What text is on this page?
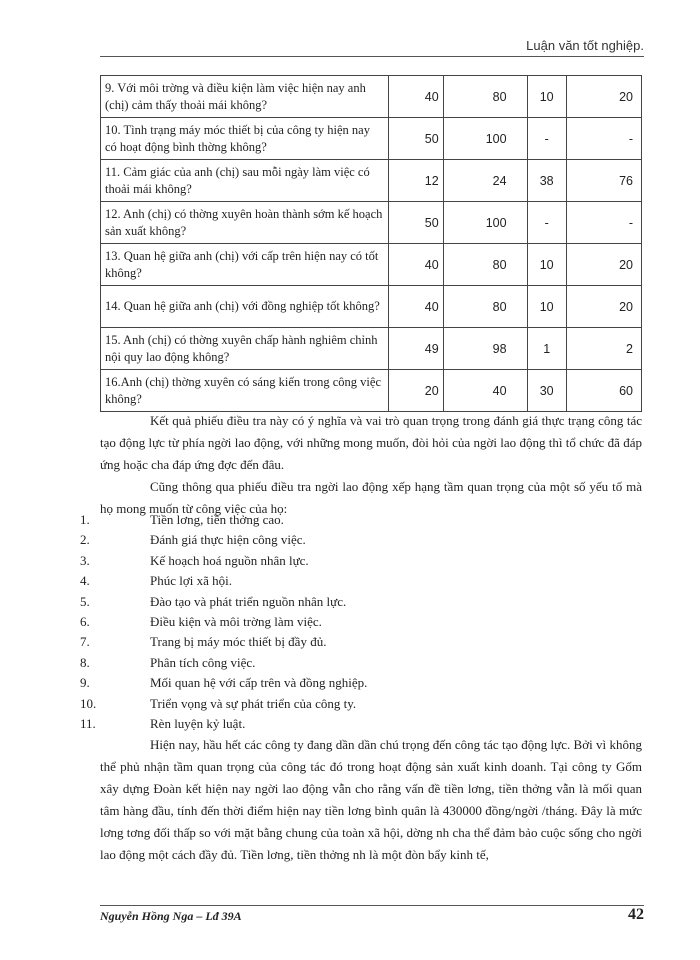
Luận văn tốt nghiệp.
9. Với môi trờng và điều kiện làm việc hiện nay anh (chị) cảm thấy thoải mái không?	40	80	10	20
10. Tình trạng máy móc thiết bị của công ty hiện nay có hoạt động bình thờng không?	50	100	-	-
11. Cảm giác của anh (chị) sau mỗi ngày làm việc có thoải mái không?	12	24	38	76
12. Anh (chị) có thờng xuyên hoàn thành sớm kế hoạch sản xuất không?	50	100	-	-
13. Quan hệ giữa anh (chị) với cấp trên hiện nay có tốt không?	40	80	10	20
14. Quan hệ giữa anh (chị) với đồng nghiệp tốt không?	40	80	10	20
15. Anh (chị) có thờng xuyên chấp hành nghiêm chỉnh nội quy lao động không?	49	98	1	2
16.Anh (chị) thờng xuyên có sáng kiến trong công việc không?	20	40	30	60

Kết quả phiếu điều tra này có ý nghĩa và vai trò quan trọng trong đánh giá thực trạng công tác tạo động lực từ phía ngời lao động, với những mong muốn, đòi hỏi của ngời lao động thì tổ chức đã đáp ứng hoặc cha đáp ứng đợc đến đâu.

Cũng thông qua phiếu điều tra ngời lao động xếp hạng tầm quan trọng của một số yếu tố mà họ mong muốn từ công việc của họ:

1.	Tiền lơng, tiền thởng cao.
2.	Đánh giá thực hiện công việc.
3.	Kế hoạch hoá nguồn nhân lực.
4.	Phúc lợi xã hội.
5.	Đào tạo và phát triển nguồn nhân lực.
6.	Điều kiện và môi trờng làm việc.
7.	Trang bị máy móc thiết bị đầy đủ.
8.	Phân tích công việc.
9.	Mối quan hệ với cấp trên và đồng nghiệp.
10.	Triển vọng và sự phát triển của công ty.
11.	Rèn luyện kỷ luật.

Hiện nay, hầu hết các công ty đang dần dần chú trọng đến công tác tạo động lực. Bởi vì không thể phủ nhận tầm quan trọng của công tác đó trong hoạt động sản xuất kinh doanh. Tại công ty Gốm xây dựng Đoàn kết hiện nay ngời lao động vẫn cho rằng vấn đề tiền lơng, tiền thởng vẫn là mối quan tâm hàng đầu, tính đến thời điểm hiện nay tiền lơng bình quân là 430000 đồng/ngời /tháng. Đây là mức lơng tơng đối thấp so với mặt bằng chung của toàn xã hội, dờng nh cha thể đảm bảo cuộc sống cho ngời lao động một cách đầy đủ. Tiền lơng, tiền thởng nh là một đòn bẩy kinh tế,

Nguyễn Hồng Nga – Lđ 39A	42
